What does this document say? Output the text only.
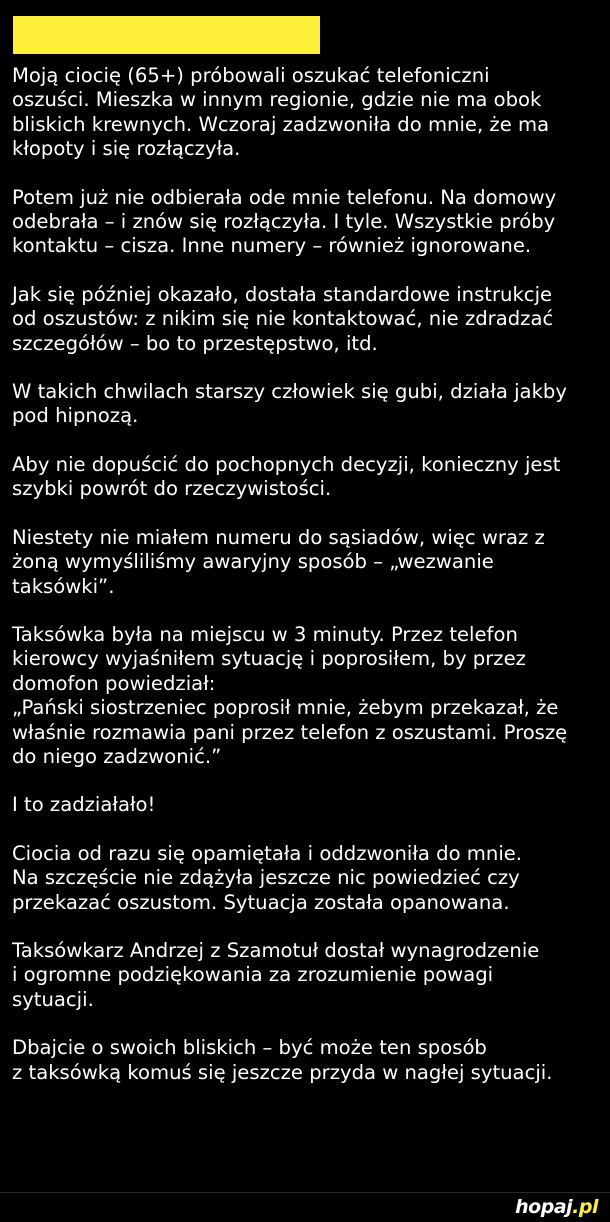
Moją ciocię (65+) próbowali oszukać telefoniczni
oszuści. Mieszka w innym regionie, gdzie nie ma obok
bliskich krewnych. Wczoraj zadzwoniła do mnie, że ma
kłopoty i się rozłączyła.

Potem już nie odbierała ode mnie telefonu. Na domowy
odebrała – i znów się rozłączyła. I tyle. Wszystkie próby
kontaktu – cisza. Inne numery – również ignorowane.

Jak się później okazało, dostała standardowe instrukcje
od oszustów: z nikim się nie kontaktować, nie zdradzać
szczegółów – bo to przestępstwo, itd.

W takich chwilach starszy człowiek się gubi, działa jakby
pod hipnozą.

Aby nie dopuścić do pochopnych decyzji, konieczny jest
szybki powrót do rzeczywistości.

Niestety nie miałem numeru do sąsiadów, więc wraz z
żoną wymyśliliśmy awaryjny sposób – „wezwanie
taksówki”.

Taksówka była na miejscu w 3 minuty. Przez telefon
kierowcy wyjaśniłem sytuację i poprosiłem, by przez
domofon powiedział:
„Pański siostrzeniec poprosił mnie, żebym przekazał, że
właśnie rozmawia pani przez telefon z oszustami. Proszę
do niego zadzwonić.”

I to zadziałało!

Ciocia od razu się opamiętała i oddzwoniła do mnie.
Na szczęście nie zdążyła jeszcze nic powiedzieć czy
przekazać oszustom. Sytuacja została opanowana.

Taksówkarz Andrzej z Szamotuł dostał wynagrodzenie
i ogromne podziękowania za zrozumienie powagi
sytuacji.

Dbajcie o swoich bliskich – być może ten sposób
z taksówką komuś się jeszcze przyda w nagłej sytuacji.

hopaj.pl
